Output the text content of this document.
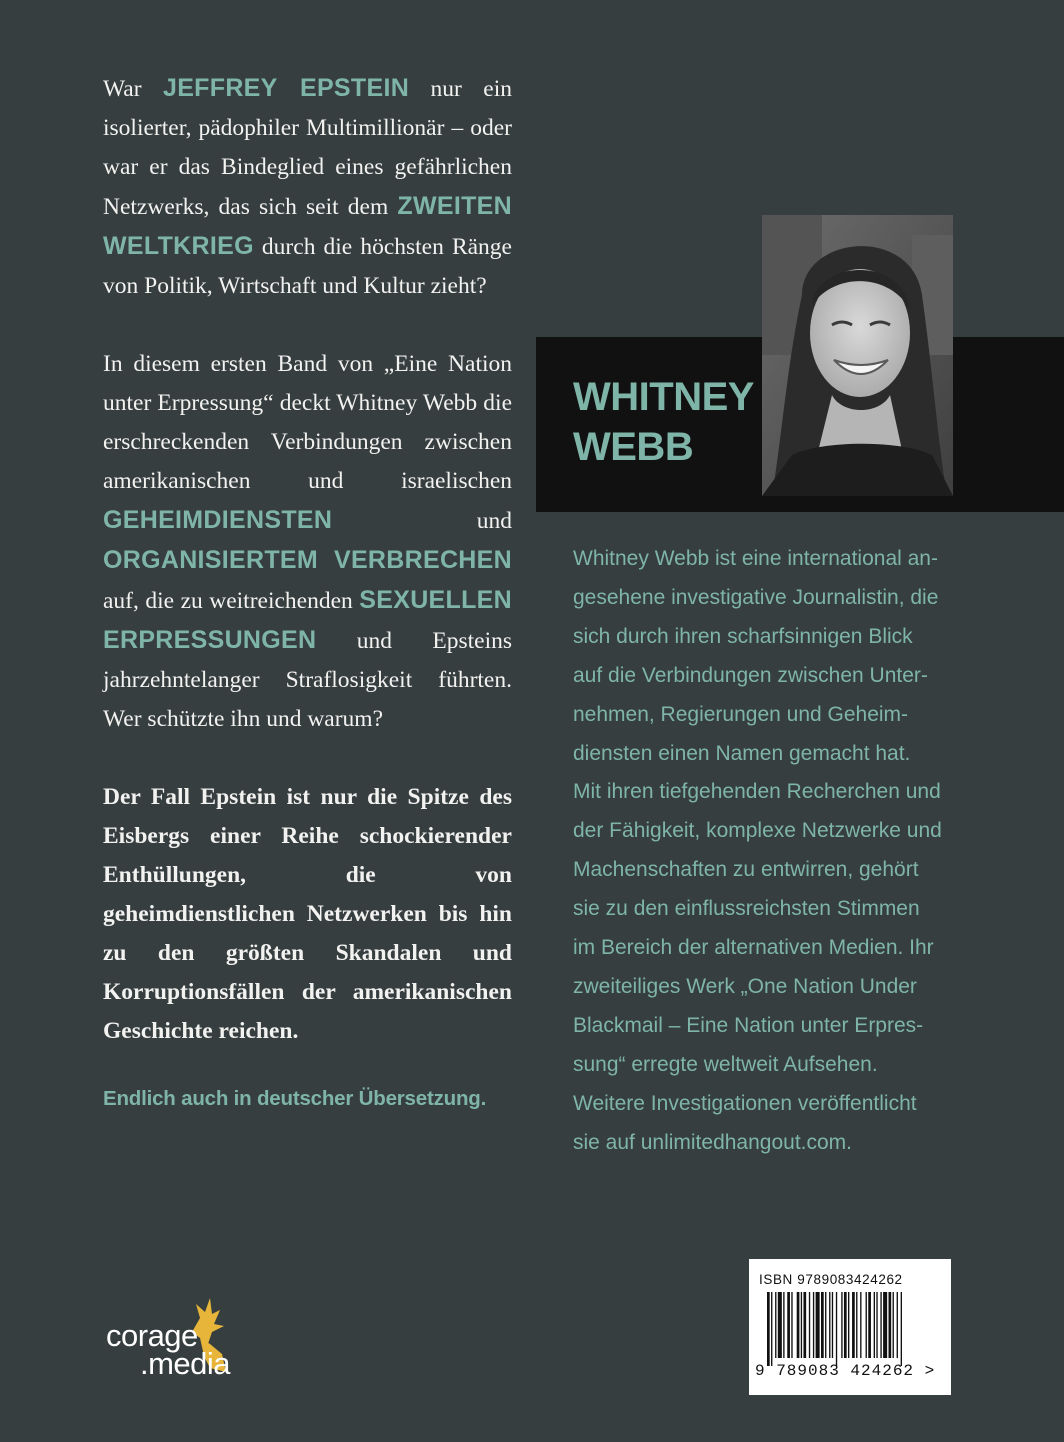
War JEFFREY EPSTEIN nur ein isolierter, pädophiler Multimillionär – oder war er das Bindeglied eines gefährlichen Netzwerks, das sich seit dem ZWEITEN WELTKRIEG durch die höchsten Ränge von Politik, Wirtschaft und Kultur zieht?

In diesem ersten Band von „Eine Nation unter Erpressung“ deckt Whitney Webb die erschreckenden Verbindungen zwischen amerikanischen und israelischen GEHEIMDIENSTEN und ORGANISIERTEM VERBRECHEN auf, die zu weitreichenden SEXUELLEN ERPRESSUNGEN und Epsteins jahrzehntelanger Straflosigkeit führten. Wer schützte ihn und warum?

Der Fall Epstein ist nur die Spitze des Eisbergs einer Reihe schockierender Enthüllungen, die von geheimdienstlichen Netzwerken bis hin zu den größten Skandalen und Korruptionsfällen der amerikanischen Geschichte reichen.

Endlich auch in deutscher Übersetzung.

WHITNEY
WEBB
Whitney Webb ist eine international an-
gesehene investigative Journalistin, die
sich durch ihren scharfsinnigen Blick
auf die Verbindungen zwischen Unter-
nehmen, Regierungen und Geheim-
diensten einen Namen gemacht hat.
Mit ihren tiefgehenden Recherchen und
der Fähigkeit, komplexe Netzwerke und
Machenschaften zu entwirren, gehört
sie zu den einflussreichsten Stimmen
im Bereich der alternativen Medien. Ihr
zweiteiliges Werk „One Nation Under
Blackmail – Eine Nation unter Erpres-
sung“ erregte weltweit Aufsehen.
Weitere Investigationen veröffentlicht
sie auf unlimitedhangout.com.
ISBN 9789083424262
9 789083 424262 >
corage
.media
